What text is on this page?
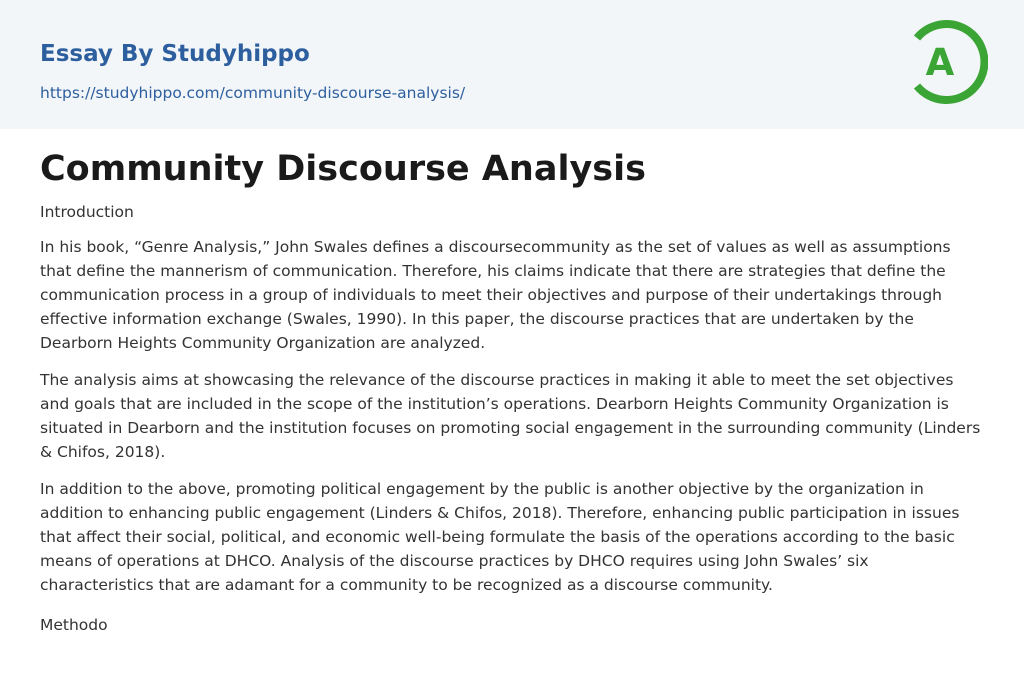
Essay By Studyhippo
https://studyhippo.com/community-discourse-analysis/
A
Community Discourse Analysis
Introduction

In his book, “Genre Analysis,” John Swales defines a discoursecommunity as the set of values as well as assumptions that define the mannerism of communication. Therefore, his claims indicate that there are strategies that define the communication process in a group of individuals to meet their objectives and purpose of their undertakings through effective information exchange (Swales, 1990). In this paper, the discourse practices that are undertaken by the Dearborn Heights Community Organization are analyzed.

The analysis aims at showcasing the relevance of the discourse practices in making it able to meet the set objectives and goals that are included in the scope of the institution’s operations. Dearborn Heights Community Organization is situated in Dearborn and the institution focuses on promoting social engagement in the surrounding community (Linders & Chifos, 2018).

In addition to the above, promoting political engagement by the public is another objective by the organization in addition to enhancing public engagement (Linders & Chifos, 2018). Therefore, enhancing public participation in issues that affect their social, political, and economic well-being formulate the basis of the operations according to the basic means of operations at DHCO. Analysis of the discourse practices by DHCO requires using John Swales’ six characteristics that are adamant for a community to be recognized as a discourse community.

Methodo
